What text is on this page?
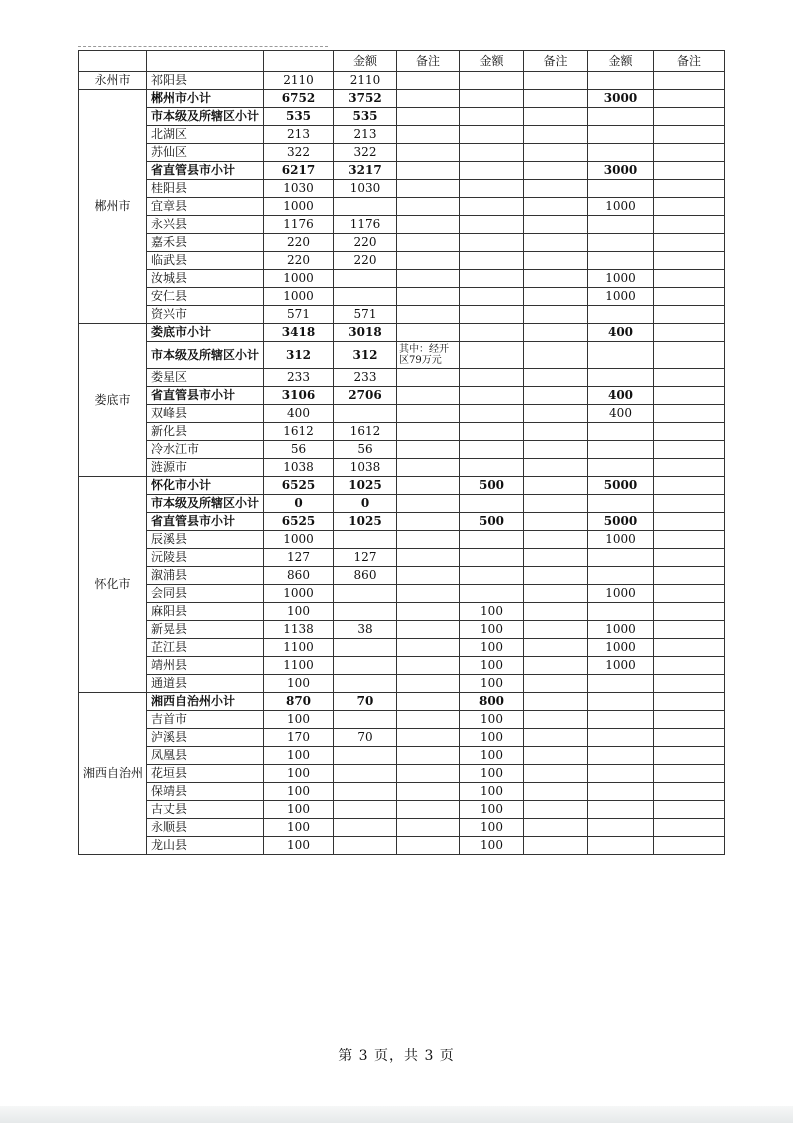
			金额	备注	金额	备注	金额	备注
永州市	祁阳县	2110	2110					
郴州市	郴州市小计	6752	3752				3000	
	市本级及所辖区小计	535	535					
	北湖区	213	213					
	苏仙区	322	322					
	省直管县市小计	6217	3217				3000	
	桂阳县	1030	1030					
	宜章县	1000					1000	
	永兴县	1176	1176					
	嘉禾县	220	220					
	临武县	220	220					
	汝城县	1000					1000	
	安仁县	1000					1000	
	资兴市	571	571					
娄底市	娄底市小计	3418	3018				400	
	市本级及所辖区小计	312	312	其中：经开区79万元				
	娄星区	233	233					
	省直管县市小计	3106	2706				400	
	双峰县	400					400	
	新化县	1612	1612					
	冷水江市	56	56					
	涟源市	1038	1038					
怀化市	怀化市小计	6525	1025		500		5000	
	市本级及所辖区小计	0	0					
	省直管县市小计	6525	1025		500		5000	
	辰溪县	1000					1000	
	沅陵县	127	127					
	溆浦县	860	860					
	会同县	1000					1000	
	麻阳县	100			100			
	新晃县	1138	38		100		1000	
	芷江县	1100			100		1000	
	靖州县	1100			100		1000	
	通道县	100			100			
湘西自治州	湘西自治州小计	870	70		800			
	吉首市	100			100			
	泸溪县	170	70		100			
	凤凰县	100			100			
	花垣县	100			100			
	保靖县	100			100			
	古丈县	100			100			
	永顺县	100			100			
	龙山县	100			100			
第 3 页，共 3 页
